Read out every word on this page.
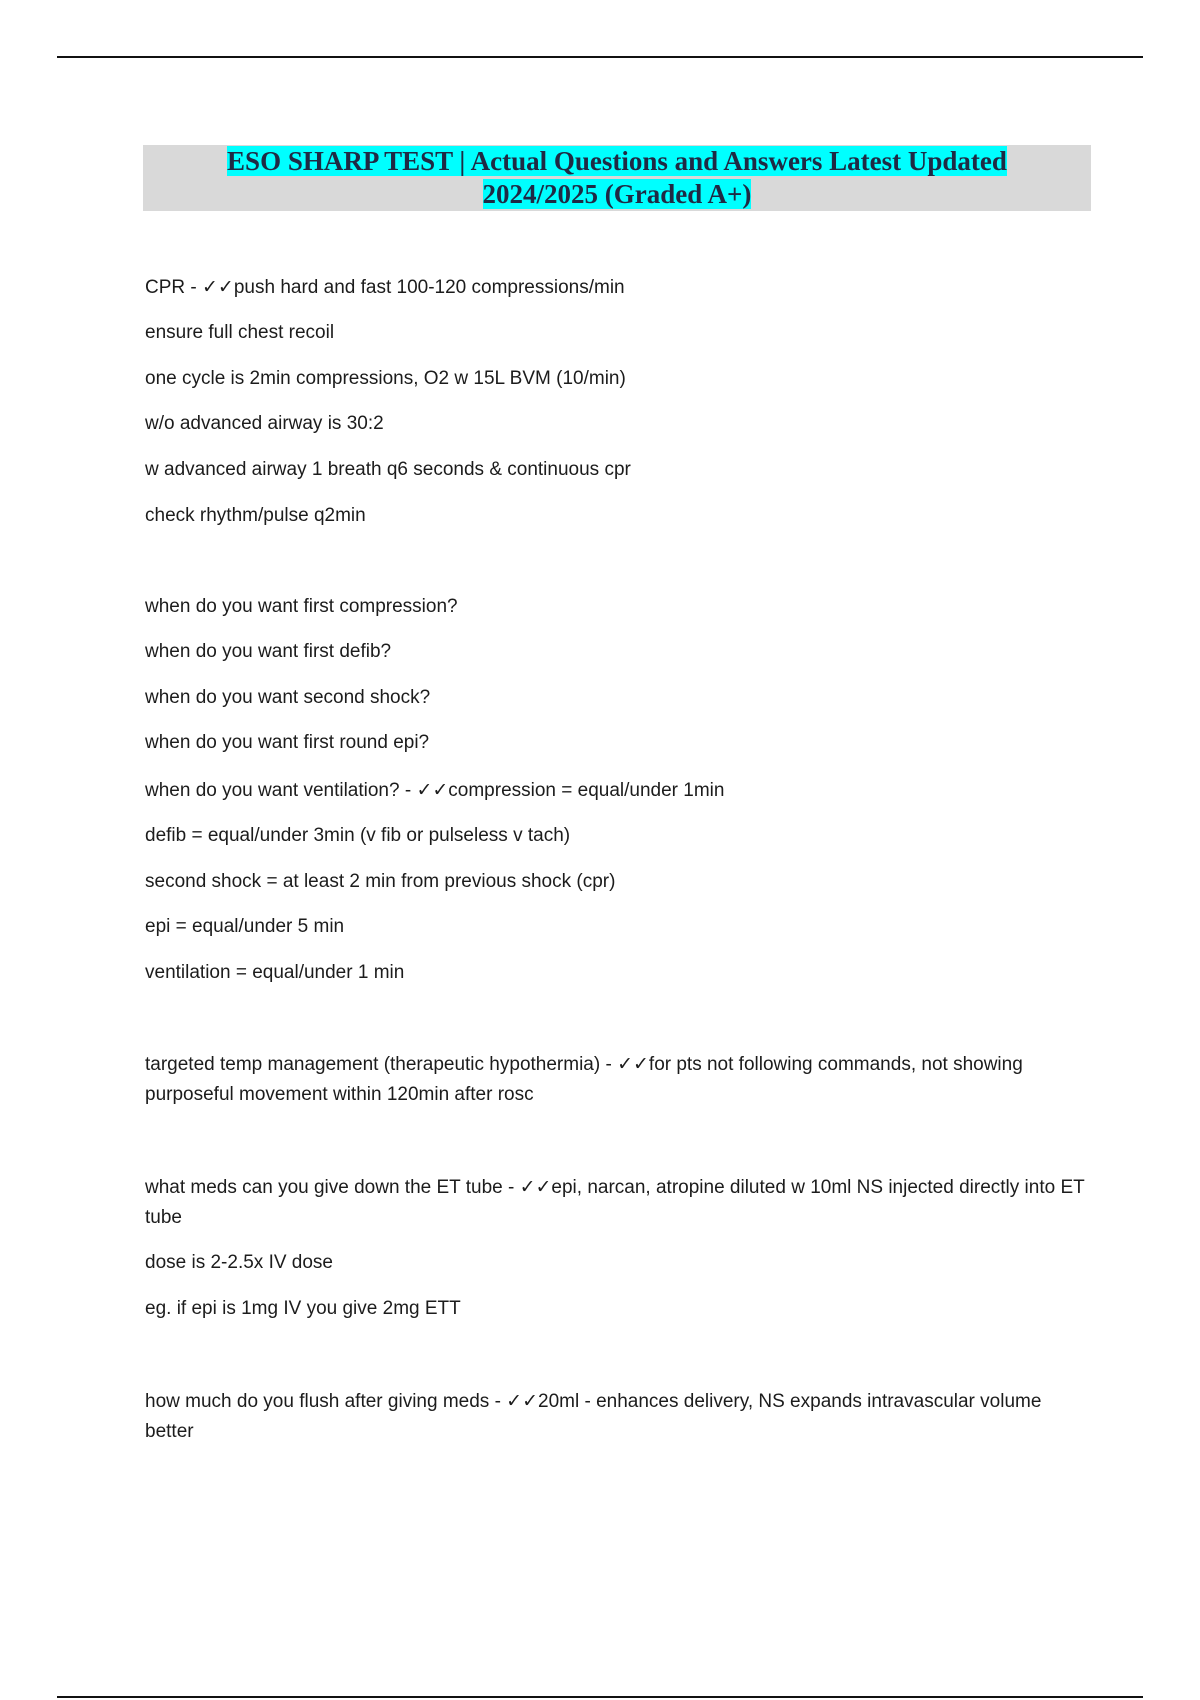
ESO SHARP TEST | Actual Questions and Answers Latest Updated
2024/2025 (Graded A+)
CPR - ✓✓push hard and fast 100-120 compressions/min
ensure full chest recoil
one cycle is 2min compressions, O2 w 15L BVM (10/min)
w/o advanced airway is 30:2
w advanced airway 1 breath q6 seconds & continuous cpr
check rhythm/pulse q2min
when do you want first compression?
when do you want first defib?
when do you want second shock?
when do you want first round epi?
when do you want ventilation? - ✓✓compression = equal/under 1min
defib = equal/under 3min (v fib or pulseless v tach)
second shock = at least 2 min from previous shock (cpr)
epi = equal/under 5 min
ventilation = equal/under 1 min
targeted temp management (therapeutic hypothermia) - ✓✓for pts not following commands, not showing purposeful movement within 120min after rosc
what meds can you give down the ET tube - ✓✓epi, narcan, atropine diluted w 10ml NS injected directly into ET tube
dose is 2-2.5x IV dose
eg. if epi is 1mg IV you give 2mg ETT
how much do you flush after giving meds - ✓✓20ml - enhances delivery, NS expands intravascular volume better
